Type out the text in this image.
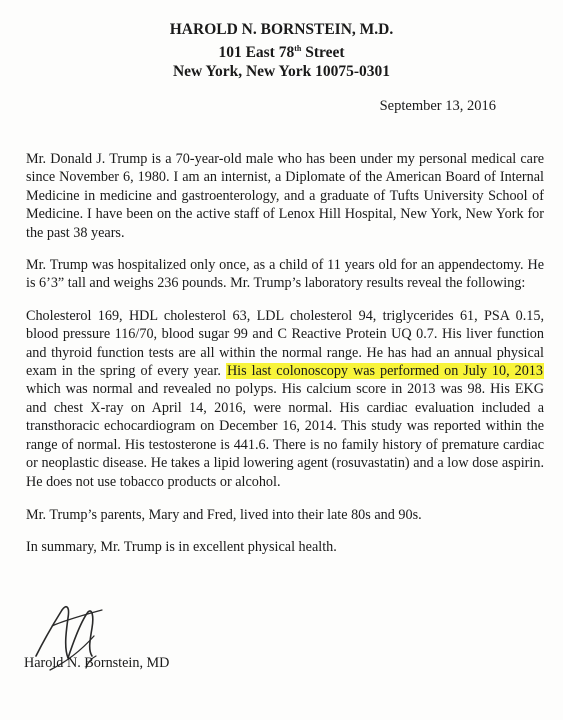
HAROLD N. BORNSTEIN, M.D.
101 East 78th Street
New York, New York 10075-0301
September 13, 2016

Mr. Donald J. Trump is a 70-year-old male who has been under my personal medical care since November 6, 1980. I am an internist, a Diplomate of the American Board of Internal Medicine in medicine and gastroenterology, and a graduate of Tufts University School of Medicine. I have been on the active staff of Lenox Hill Hospital, New York, New York for the past 38 years.

Mr. Trump was hospitalized only once, as a child of 11 years old for an appendectomy. He is 6’3” tall and weighs 236 pounds. Mr. Trump’s laboratory results reveal the following:

Cholesterol 169, HDL cholesterol 63, LDL cholesterol 94, triglycerides 61, PSA 0.15, blood pressure 116/70, blood sugar 99 and C Reactive Protein UQ 0.7. His liver function and thyroid function tests are all within the normal range. He has had an annual physical exam in the spring of every year. His last colonoscopy was performed on July 10, 2013 which was normal and revealed no polyps. His calcium score in 2013 was 98. His EKG and chest X-ray on April 14, 2016, were normal. His cardiac evaluation included a transthoracic echocardiogram on December 16, 2014. This study was reported within the range of normal. His testosterone is 441.6. There is no family history of premature cardiac or neoplastic disease. He takes a lipid lowering agent (rosuvastatin) and a low dose aspirin. He does not use tobacco products or alcohol.

Mr. Trump’s parents, Mary and Fred, lived into their late 80s and 90s.

In summary, Mr. Trump is in excellent physical health.

Harold N. Bornstein, MD
